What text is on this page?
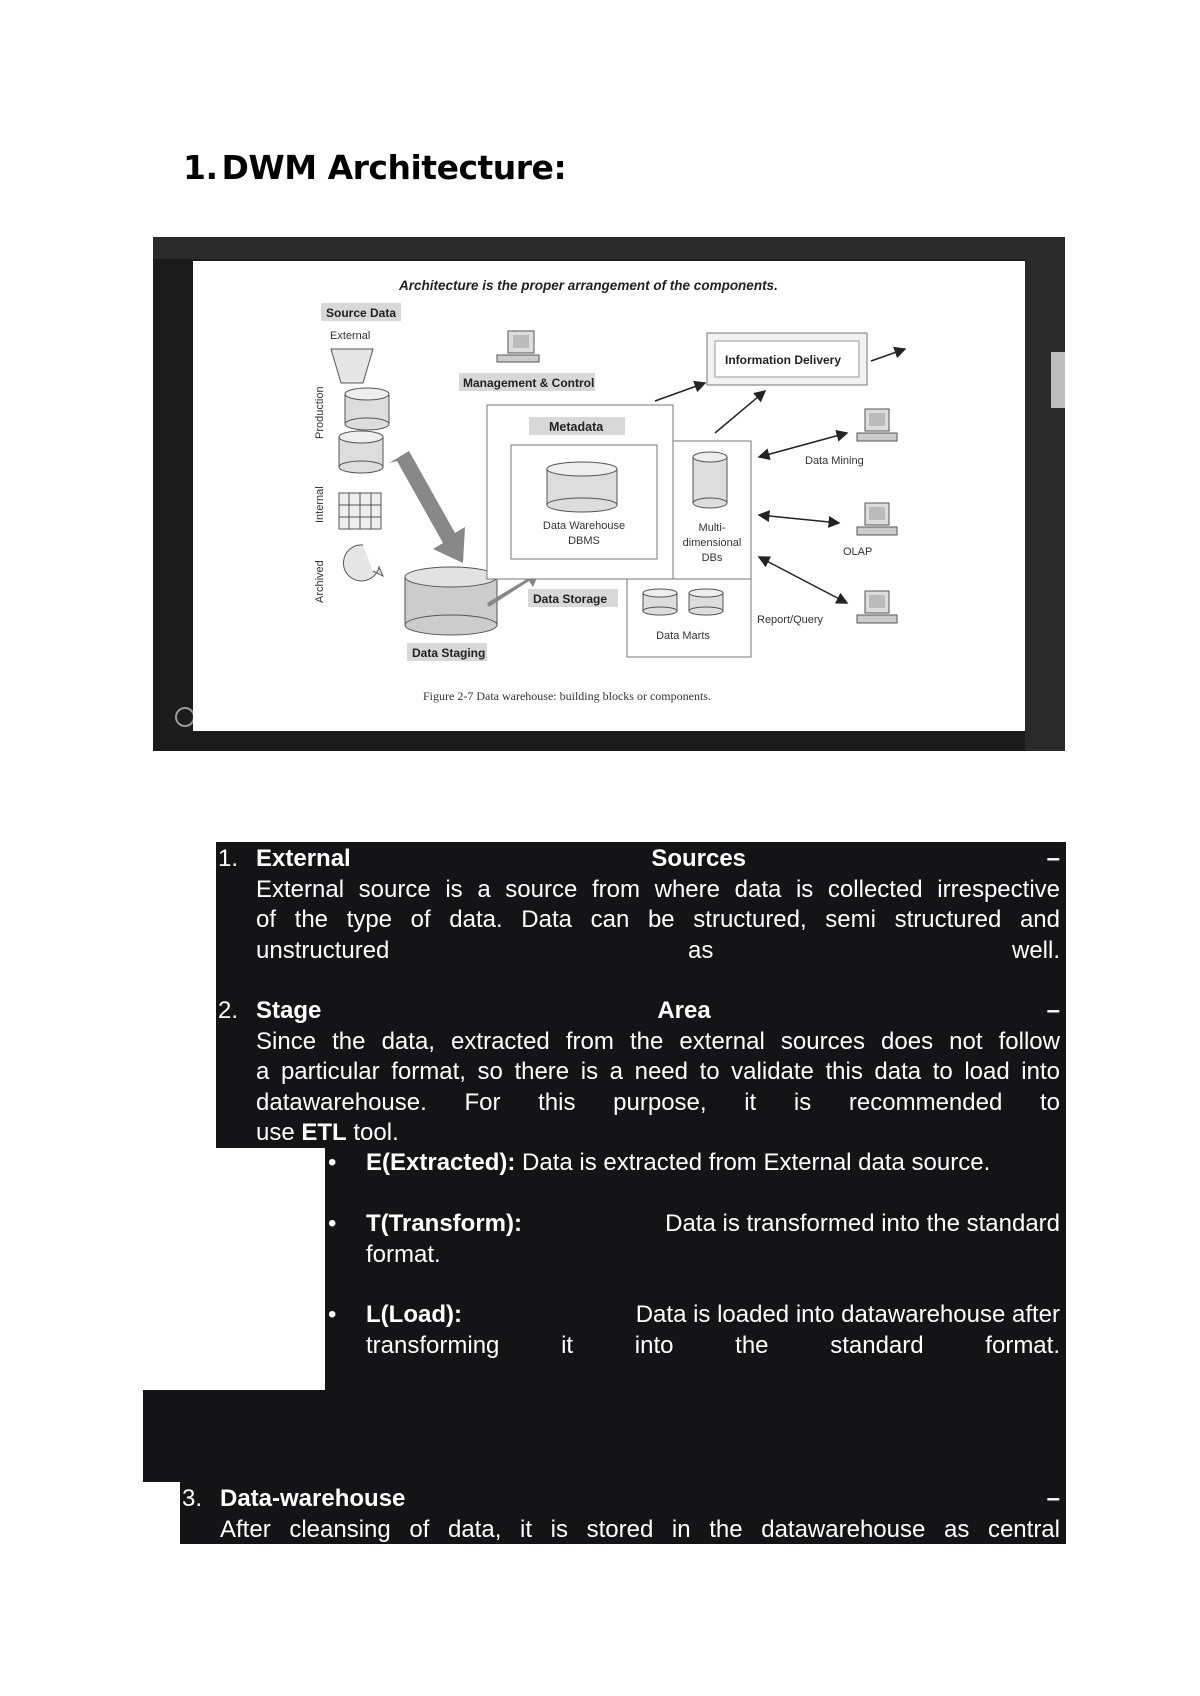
1. DWM Architecture:
Architecture is the proper arrangement of the components.
Source Data
External
Production
Internal
Archived
Data Staging
Management & Control
Metadata
Data Warehouse
DBMS
Multi-
dimensional
DBs
Data Storage
Data Marts
Information Delivery
Data Mining
OLAP
Report/Query
Figure 2-7 Data warehouse: building blocks or components.
1. External	Sources	–
External source is a source from where data is collected irrespective
of the type of data. Data can be structured, semi structured and
unstructured	as	well.
2. Stage	Area	–
Since the data, extracted from the external sources does not follow
a particular format, so there is a need to validate this data to load into
datawarehouse. For this purpose, it is recommended to
use ETL tool.
• E(Extracted): Data is extracted from External data source.
• T(Transform):	Data is transformed into the standard
format.
• L(Load):	Data is loaded into datawarehouse after
transforming it into the standard format.
3. Data-warehouse	–
After cleansing of data, it is stored in the datawarehouse as central
